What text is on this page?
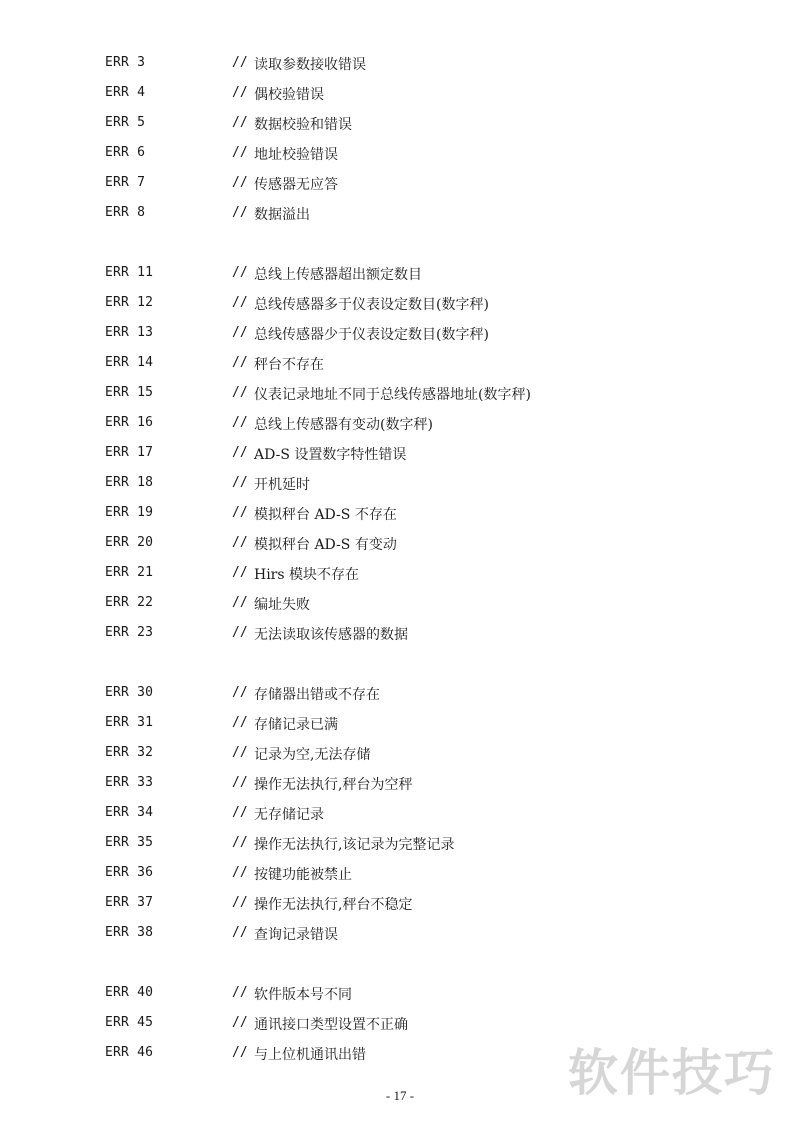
ERR 3	// 读取参数接收错误
ERR 4	// 偶校验错误
ERR 5	// 数据校验和错误
ERR 6	// 地址校验错误
ERR 7	// 传感器无应答
ERR 8	// 数据溢出
ERR 11	// 总线上传感器超出额定数目
ERR 12	// 总线传感器多于仪表设定数目(数字秤)
ERR 13	// 总线传感器少于仪表设定数目(数字秤)
ERR 14	// 秤台不存在
ERR 15	// 仪表记录地址不同于总线传感器地址(数字秤)
ERR 16	// 总线上传感器有变动(数字秤)
ERR 17	// AD-S 设置数字特性错误
ERR 18	// 开机延时
ERR 19	// 模拟秤台 AD-S 不存在
ERR 20	// 模拟秤台 AD-S 有变动
ERR 21	// Hirs 模块不存在
ERR 22	// 编址失败
ERR 23	// 无法读取该传感器的数据
ERR 30	// 存储器出错或不存在
ERR 31	// 存储记录已满
ERR 32	// 记录为空,无法存储
ERR 33	// 操作无法执行,秤台为空秤
ERR 34	// 无存储记录
ERR 35	// 操作无法执行,该记录为完整记录
ERR 36	// 按键功能被禁止
ERR 37	// 操作无法执行,秤台不稳定
ERR 38	// 查询记录错误
ERR 40	// 软件版本号不同
ERR 45	// 通讯接口类型设置不正确
ERR 46	// 与上位机通讯出错	软件技巧
- 17 -
